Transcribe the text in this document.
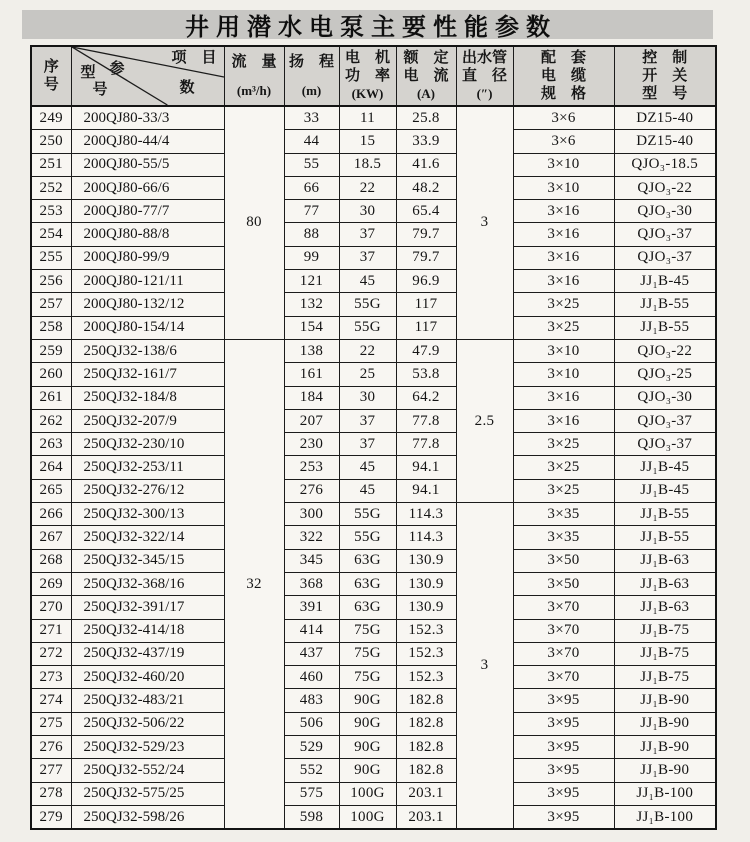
井用潜水电泵主要性能参数
序
号

项　目
参
数
型
号

流　量
(m³/h)

扬　程
(m)

电　机
功　率
(KW)

额　定
电　流
(A)

出水管
直　径
(″)

配　套
电　缆
规　格

控　制
开　关
型　号

249	200QJ80-33/3	80	33	11	25.8	3	3×6	DZ15-40
250	200QJ80-44/4		44	15	33.9		3×6	DZ15-40
251	200QJ80-55/5		55	18.5	41.6		3×10	QJO₃-18.5
252	200QJ80-66/6		66	22	48.2		3×10	QJO₃-22
253	200QJ80-77/7		77	30	65.4		3×16	QJO₃-30
254	200QJ80-88/8		88	37	79.7		3×16	QJO₃-37
255	200QJ80-99/9		99	37	79.7		3×16	QJO₃-37
256	200QJ80-121/11		121	45	96.9		3×16	JJ₁B-45
257	200QJ80-132/12		132	55G	117		3×25	JJ₁B-55
258	200QJ80-154/14		154	55G	117		3×25	JJ₁B-55
259	250QJ32-138/6	32	138	22	47.9	2.5	3×10	QJO₃-22
260	250QJ32-161/7		161	25	53.8		3×10	QJO₃-25
261	250QJ32-184/8		184	30	64.2		3×16	QJO₃-30
262	250QJ32-207/9		207	37	77.8		3×16	QJO₃-37
263	250QJ32-230/10		230	37	77.8		3×25	QJO₃-37
264	250QJ32-253/11		253	45	94.1		3×25	JJ₁B-45
265	250QJ32-276/12		276	45	94.1		3×25	JJ₁B-45
266	250QJ32-300/13		300	55G	114.3	3	3×35	JJ₁B-55
267	250QJ32-322/14		322	55G	114.3		3×35	JJ₁B-55
268	250QJ32-345/15		345	63G	130.9		3×50	JJ₁B-63
269	250QJ32-368/16		368	63G	130.9		3×50	JJ₁B-63
270	250QJ32-391/17		391	63G	130.9		3×70	JJ₁B-63
271	250QJ32-414/18		414	75G	152.3		3×70	JJ₁B-75
272	250QJ32-437/19		437	75G	152.3		3×70	JJ₁B-75
273	250QJ32-460/20		460	75G	152.3		3×70	JJ₁B-75
274	250QJ32-483/21		483	90G	182.8		3×95	JJ₁B-90
275	250QJ32-506/22		506	90G	182.8		3×95	JJ₁B-90
276	250QJ32-529/23		529	90G	182.8		3×95	JJ₁B-90
277	250QJ32-552/24		552	90G	182.8		3×95	JJ₁B-90
278	250QJ32-575/25		575	100G	203.1		3×95	JJ₁B-100
279	250QJ32-598/26		598	100G	203.1		3×95	JJ₁B-100
